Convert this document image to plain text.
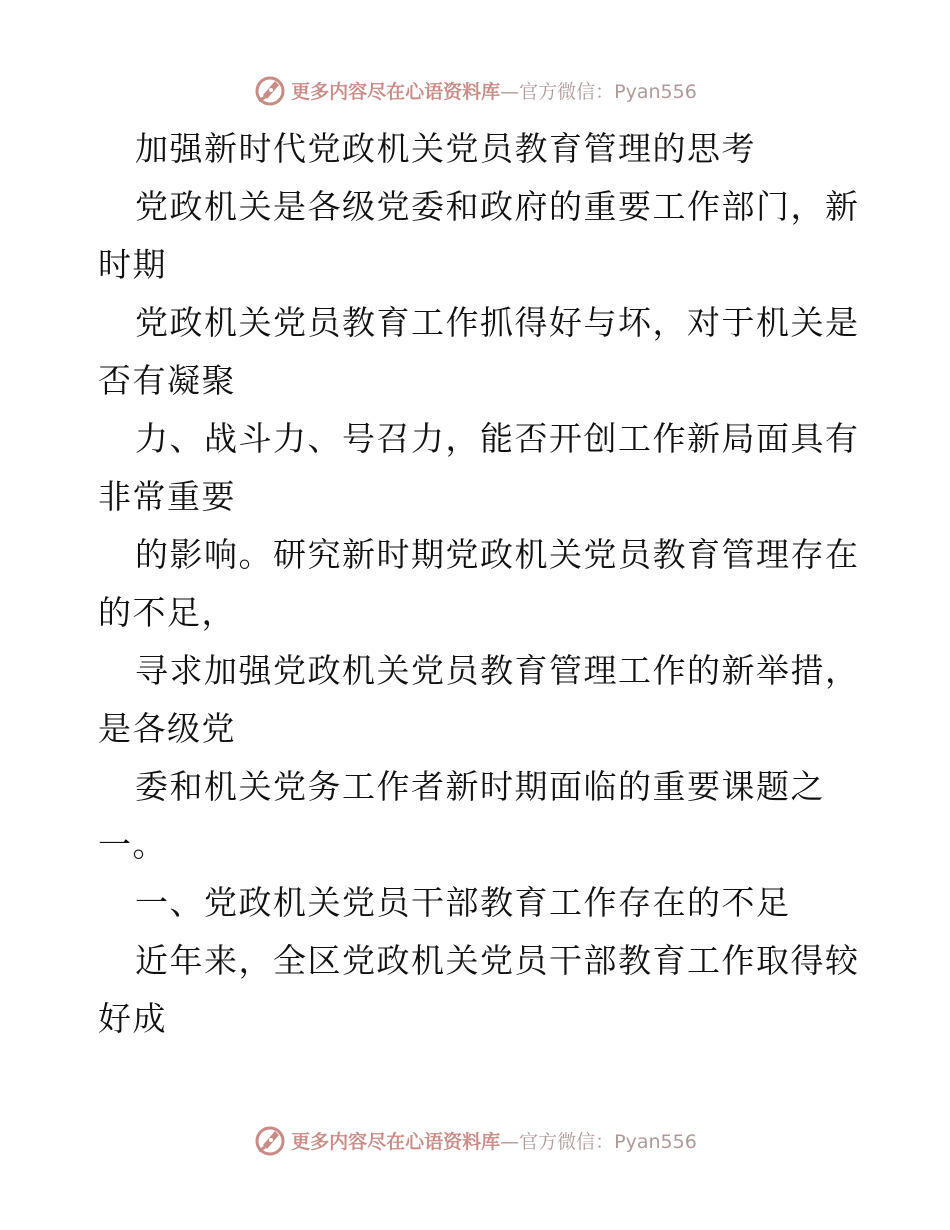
更多内容尽在心语资料库—官方微信：Pyan556
加强新时代党政机关党员教育管理的思考
党政机关是各级党委和政府的重要工作部门，新
时期
党政机关党员教育工作抓得好与坏，对于机关是
否有凝聚
力、战斗力、号召力，能否开创工作新局面具有
非常重要
的影响。研究新时期党政机关党员教育管理存在
的不足，
寻求加强党政机关党员教育管理工作的新举措，
是各级党
委和机关党务工作者新时期面临的重要课题之
一。
一、党政机关党员干部教育工作存在的不足
近年来，全区党政机关党员干部教育工作取得较
好成
更多内容尽在心语资料库—官方微信：Pyan556
